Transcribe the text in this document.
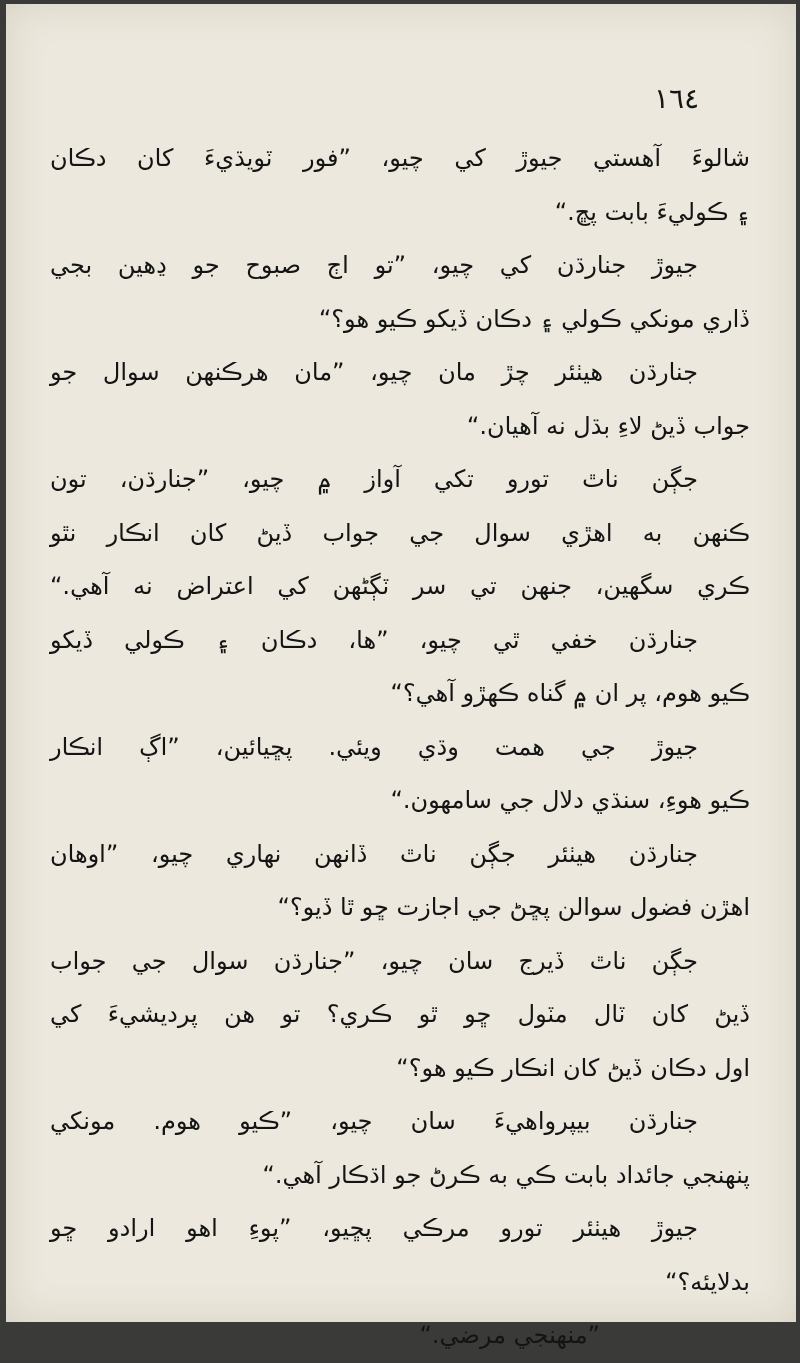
١٦٤
شالوءَ آهستي جيوڙ کي چيو، ”فور ٽويڌيءَ کان دڪان
۽ ڪوليءَ بابت پڇ.“
جيوڙ جنارڌن کي چيو، ”تو اڄ صبوح جو ڍهين بجي
ڏاري مونکي ڪولي ۽ دڪان ڏيکو ڪيو هو؟“
جنارڌن هيٺئر چڙ مان چيو، ”مان هرڪنهن سوال جو
جواب ڏيڻ لاءِ بڌل نه آهيان.“
جڳن ناٿ تورو تکي آواز ۾ چيو، ”جنارڌن، تون
ڪنهن به اهڙي سوال جي جواب ڏيڻ کان انڪار نٿو
ڪري سگهين، جنهن تي سر ٽڳڻهن کي اعتراض نه آهي.“
جنارڌن خفي ٿي چيو، ”ها، دڪان ۽ ڪولي ڏيکو
ڪيو هوم، پر ان ۾ گناه ڪهڙو آهي؟“
جيوڙ جي همت وڌي ويئي. پڇيائين، ”اڳ انڪار
ڪيو هوءِ، سنڌي دلال جي سامهون.“
جنارڌن هيٺئر جڳن ناٿ ڏانهن نهاري چيو، ”اوهان
اهڙن فضول سوالن پڇڻ جي اجازت ڇو ٿا ڏيو؟“
جڳن ناٿ ڏيرج سان چيو، ”جنارڌن سوال جي جواب
ڏيڻ کان ٽال مٽول ڇو ٿو ڪري؟ تو هن پرديشيءَ کي
اول دڪان ڏيڻ کان انڪار ڪيو هو؟“
جنارڌن بيپرواهيءَ سان چيو، ”ڪيو هوم. مونکي
پنهنجي جائداد بابت ڪي به ڪرڻ جو اڌڪار آهي.“
جيوڙ هيٺئر تورو مرڪي پڇيو، ”پوءِ اهو ارادو ڇو
بدلايئه؟“
”منهنجي مرضي.“
